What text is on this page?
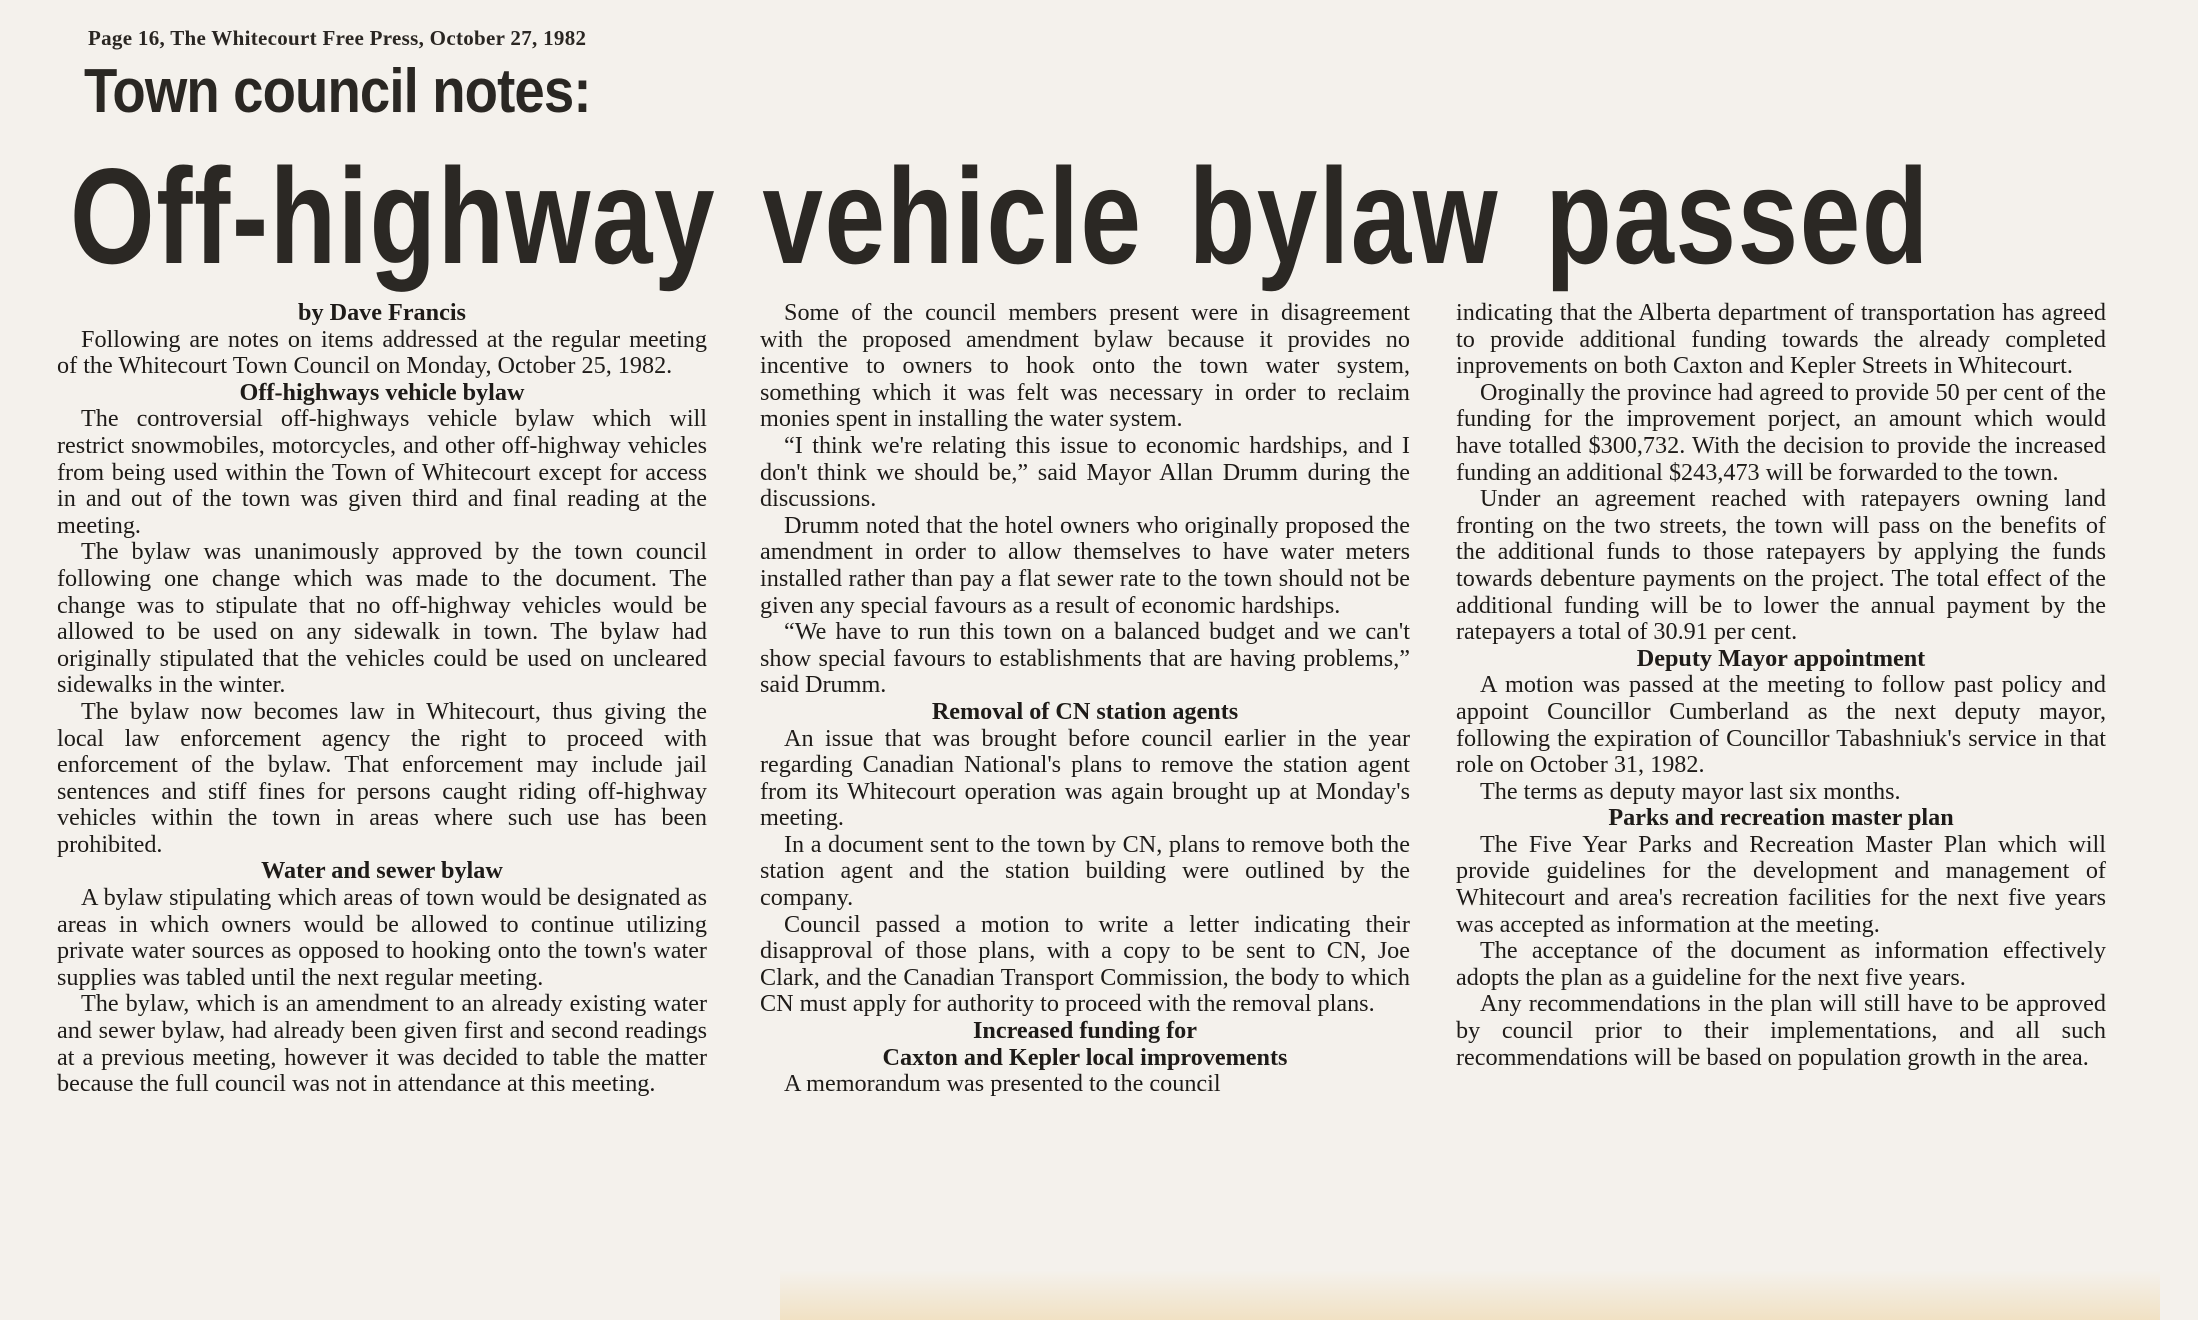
Page 16, The Whitecourt Free Press, October 27, 1982
Town council notes:
Off-highway vehicle bylaw passed
by Dave Francis

Following are notes on items addressed at the regular meeting of the Whitecourt Town Council on Monday, October 25, 1982.

Off-highways vehicle bylaw

The controversial off-highways vehicle bylaw which will restrict snowmobiles, motorcycles, and other off-highway vehicles from being used within the Town of Whitecourt except for access in and out of the town was given third and final reading at the meeting.

The bylaw was unanimously approved by the town council following one change which was made to the document. The change was to stipulate that no off-highway vehicles would be allowed to be used on any sidewalk in town. The bylaw had originally stipulated that the vehicles could be used on uncleared sidewalks in the winter.

The bylaw now becomes law in Whitecourt, thus giving the local law enforcement agency the right to proceed with enforcement of the bylaw. That enforcement may include jail sentences and stiff fines for persons caught riding off-highway vehicles within the town in areas where such use has been prohibited.

Water and sewer bylaw

A bylaw stipulating which areas of town would be designated as areas in which owners would be allowed to continue utilizing private water sources as opposed to hooking onto the town's water supplies was tabled until the next regular meeting.

The bylaw, which is an amendment to an already existing water and sewer bylaw, had already been given first and second readings at a previous meeting, however it was decided to table the matter because the full council was not in attendance at this meeting.

Some of the council members present were in disagreement with the proposed amendment bylaw because it provides no incentive to owners to hook onto the town water system, something which it was felt was necessary in order to reclaim monies spent in installing the water system.

“I think we're relating this issue to economic hardships, and I don't think we should be,” said Mayor Allan Drumm during the discussions.

Drumm noted that the hotel owners who originally proposed the amendment in order to allow themselves to have water meters installed rather than pay a flat sewer rate to the town should not be given any special favours as a result of economic hardships.

“We have to run this town on a balanced budget and we can't show special favours to establishments that are having problems,” said Drumm.

Removal of CN station agents

An issue that was brought before council earlier in the year regarding Canadian National's plans to remove the station agent from its Whitecourt operation was again brought up at Monday's meeting.

In a document sent to the town by CN, plans to remove both the station agent and the station building were outlined by the company.

Council passed a motion to write a letter indicating their disapproval of those plans, with a copy to be sent to CN, Joe Clark, and the Canadian Transport Commission, the body to which CN must apply for authority to proceed with the removal plans.

Increased funding for
Caxton and Kepler local improvements

A memorandum was presented to the council

indicating that the Alberta department of transportation has agreed to provide additional funding towards the already completed inprovements on both Caxton and Kepler Streets in Whitecourt.

Oroginally the province had agreed to provide 50 per cent of the funding for the improvement porject, an amount which would have totalled $300,732. With the decision to provide the increased funding an additional $243,473 will be forwarded to the town.

Under an agreement reached with ratepayers owning land fronting on the two streets, the town will pass on the benefits of the additional funds to those ratepayers by applying the funds towards debenture payments on the project. The total effect of the additional funding will be to lower the annual payment by the ratepayers a total of 30.91 per cent.

Deputy Mayor appointment

A motion was passed at the meeting to follow past policy and appoint Councillor Cumberland as the next deputy mayor, following the expiration of Councillor Tabashniuk's service in that role on October 31, 1982.

The terms as deputy mayor last six months.

Parks and recreation master plan

The Five Year Parks and Recreation Master Plan which will provide guidelines for the development and management of Whitecourt and area's recreation facilities for the next five years was accepted as information at the meeting.

The acceptance of the document as information effectively adopts the plan as a guideline for the next five years.

Any recommendations in the plan will still have to be approved by council prior to their implementations, and all such recommendations will be based on population growth in the area.
